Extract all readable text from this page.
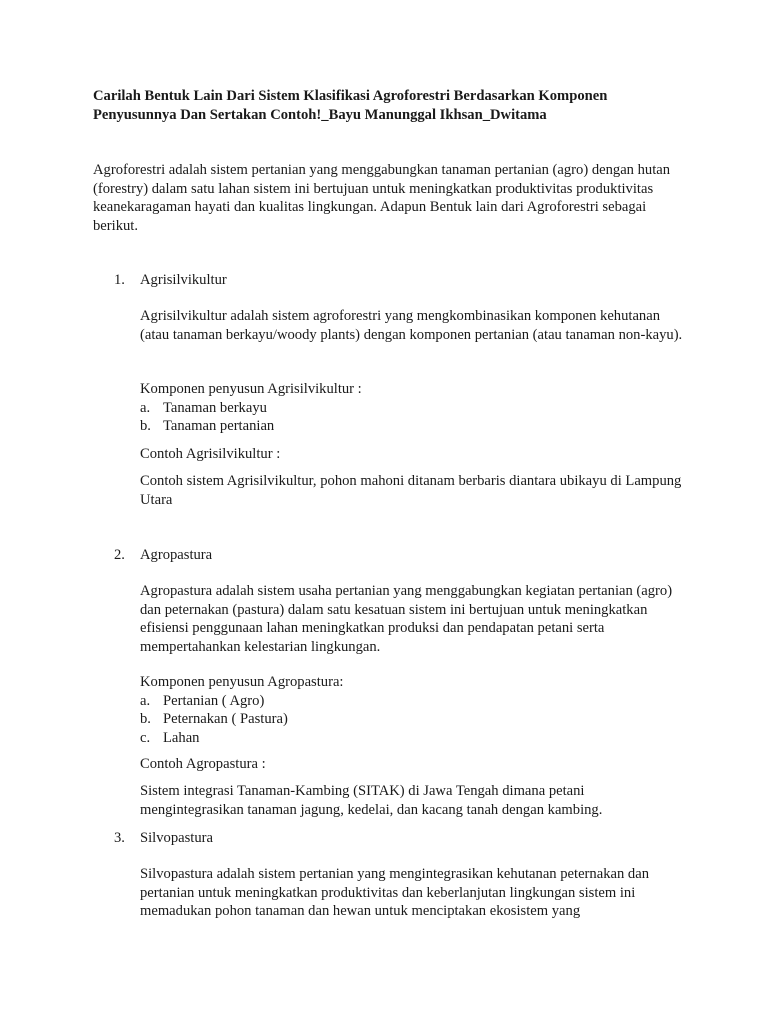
Carilah Bentuk Lain Dari Sistem Klasifikasi Agroforestri Berdasarkan Komponen Penyusunnya Dan Sertakan Contoh!_Bayu Manunggal Ikhsan_Dwitama

Agroforestri adalah sistem pertanian yang menggabungkan tanaman pertanian (agro) dengan hutan (forestry) dalam satu lahan sistem ini bertujuan untuk meningkatkan produktivitas produktivitas keanekaragaman hayati dan kualitas lingkungan. Adapun Bentuk lain dari Agroforestri sebagai berikut.

1. Agrisilvikultur

Agrisilvikultur adalah sistem agroforestri yang mengkombinasikan komponen kehutanan (atau tanaman berkayu/woody plants) dengan komponen pertanian (atau tanaman non-kayu).

Komponen penyusun Agrisilvikultur :

a. Tanaman berkayu
b. Tanaman pertanian

Contoh Agrisilvikultur :

Contoh sistem Agrisilvikultur, pohon mahoni ditanam berbaris diantara ubikayu di Lampung Utara

2. Agropastura

Agropastura adalah sistem usaha pertanian yang menggabungkan kegiatan pertanian (agro) dan peternakan (pastura) dalam satu kesatuan sistem ini bertujuan untuk meningkatkan efisiensi penggunaan lahan meningkatkan produksi dan pendapatan petani serta mempertahankan kelestarian lingkungan.

Komponen penyusun Agropastura:

a. Pertanian ( Agro)
b. Peternakan ( Pastura)
c. Lahan

Contoh Agropastura :

Sistem integrasi Tanaman-Kambing (SITAK) di Jawa Tengah dimana petani mengintegrasikan tanaman jagung, kedelai, dan kacang tanah dengan kambing.

3. Silvopastura

Silvopastura adalah sistem pertanian yang mengintegrasikan kehutanan peternakan dan pertanian untuk meningkatkan produktivitas dan keberlanjutan lingkungan sistem ini memadukan pohon tanaman dan hewan untuk menciptakan ekosistem yang
